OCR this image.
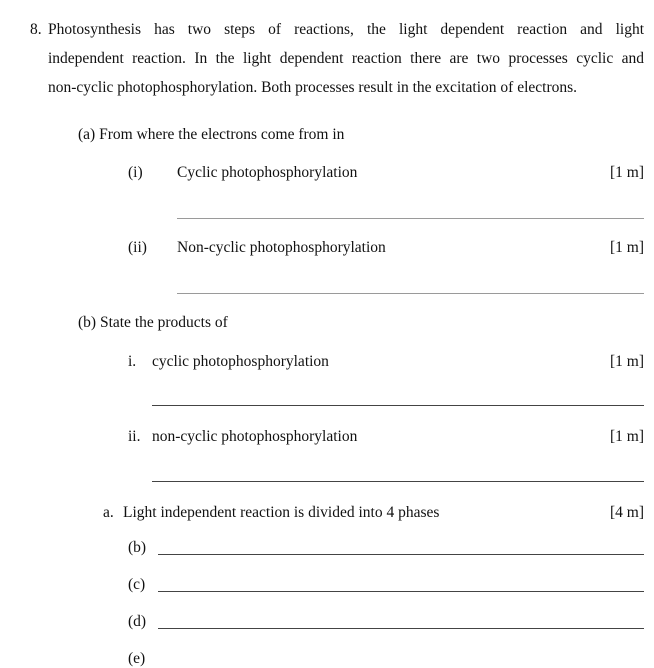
8. Photosynthesis has two steps of reactions, the light dependent reaction and light
independent reaction. In the light dependent reaction there are two processes cyclic and
non-cyclic photophosphorylation. Both processes result in the excitation of electrons.
(a) From where the electrons come from in
(i) Cyclic photophosphorylation	[1 m]
(ii) Non-cyclic photophosphorylation	[1 m]
(b) State the products of
i. cyclic photophosphorylation	[1 m]
ii. non-cyclic photophosphorylation	[1 m]
a. Light independent reaction is divided into 4 phases	[4 m]
(b)
(c)
(d)
(e)
